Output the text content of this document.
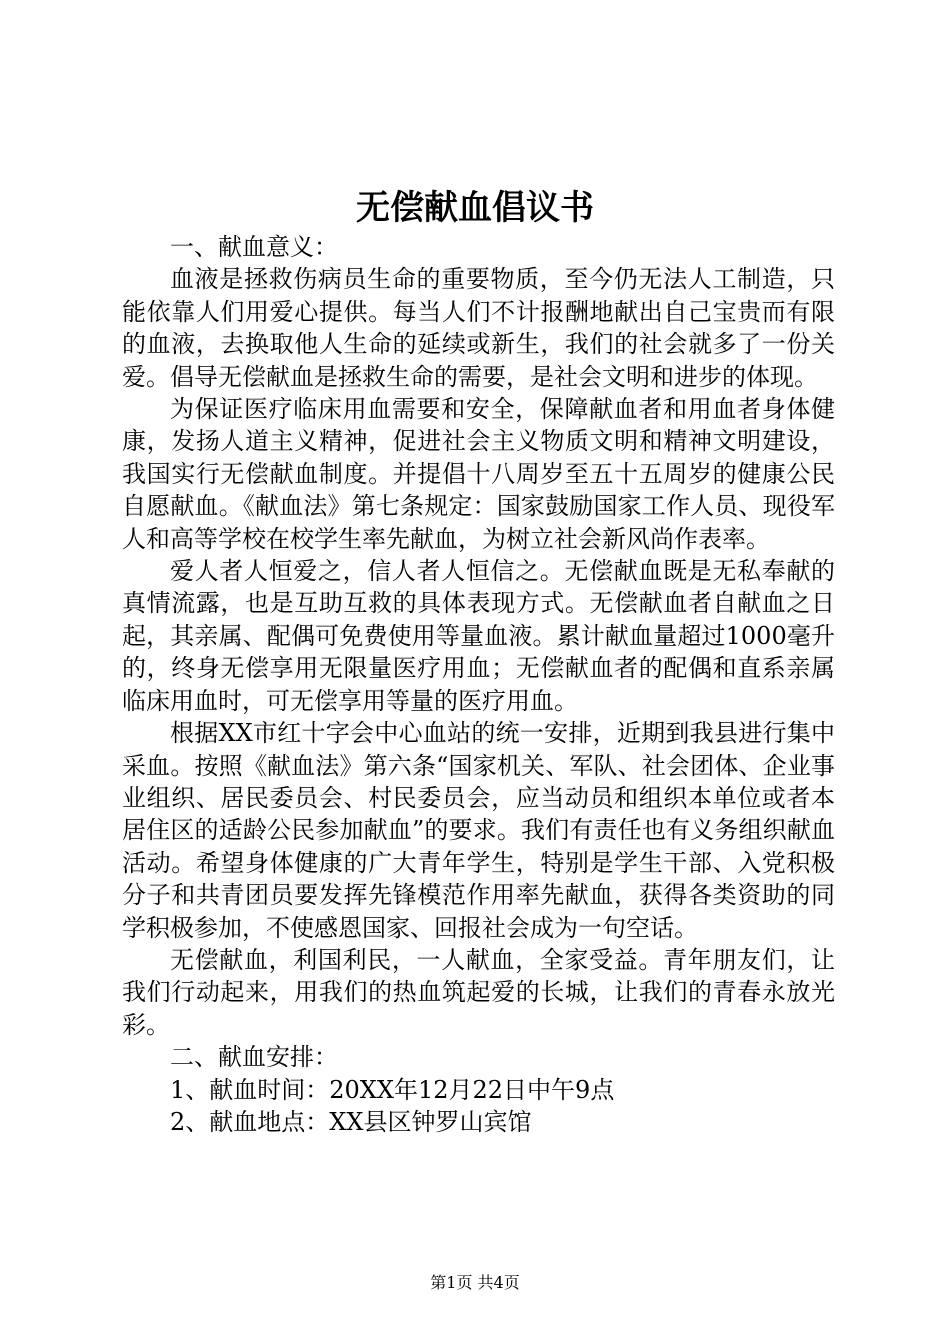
无偿献血倡议书

一、献血意义：

血液是拯救伤病员生命的重要物质，至今仍无法人工制造，只能依靠人们用爱心提供。每当人们不计报酬地献出自己宝贵而有限的血液，去换取他人生命的延续或新生，我们的社会就多了一份关爱。倡导无偿献血是拯救生命的需要，是社会文明和进步的体现。

为保证医疗临床用血需要和安全，保障献血者和用血者身体健康，发扬人道主义精神，促进社会主义物质文明和精神文明建设，我国实行无偿献血制度。并提倡十八周岁至五十五周岁的健康公民自愿献血。《献血法》第七条规定：国家鼓励国家工作人员、现役军人和高等学校在校学生率先献血，为树立社会新风尚作表率。

爱人者人恒爱之，信人者人恒信之。无偿献血既是无私奉献的真情流露，也是互助互救的具体表现方式。无偿献血者自献血之日起，其亲属、配偶可免费使用等量血液。累计献血量超过1000毫升的，终身无偿享用无限量医疗用血；无偿献血者的配偶和直系亲属临床用血时，可无偿享用等量的医疗用血。

根据XX市红十字会中心血站的统一安排，近期到我县进行集中采血。按照《献血法》第六条“国家机关、军队、社会团体、企业事业组织、居民委员会、村民委员会，应当动员和组织本单位或者本居住区的适龄公民参加献血”的要求。我们有责任也有义务组织献血活动。希望身体健康的广大青年学生，特别是学生干部、入党积极分子和共青团员要发挥先锋模范作用率先献血，获得各类资助的同学积极参加，不使感恩国家、回报社会成为一句空话。

无偿献血，利国利民，一人献血，全家受益。青年朋友们，让我们行动起来，用我们的热血筑起爱的长城，让我们的青春永放光彩。

二、献血安排：

1、献血时间：20XX年12月22日中午9点

2、献血地点：XX县区钟罗山宾馆

第1页 共4页
